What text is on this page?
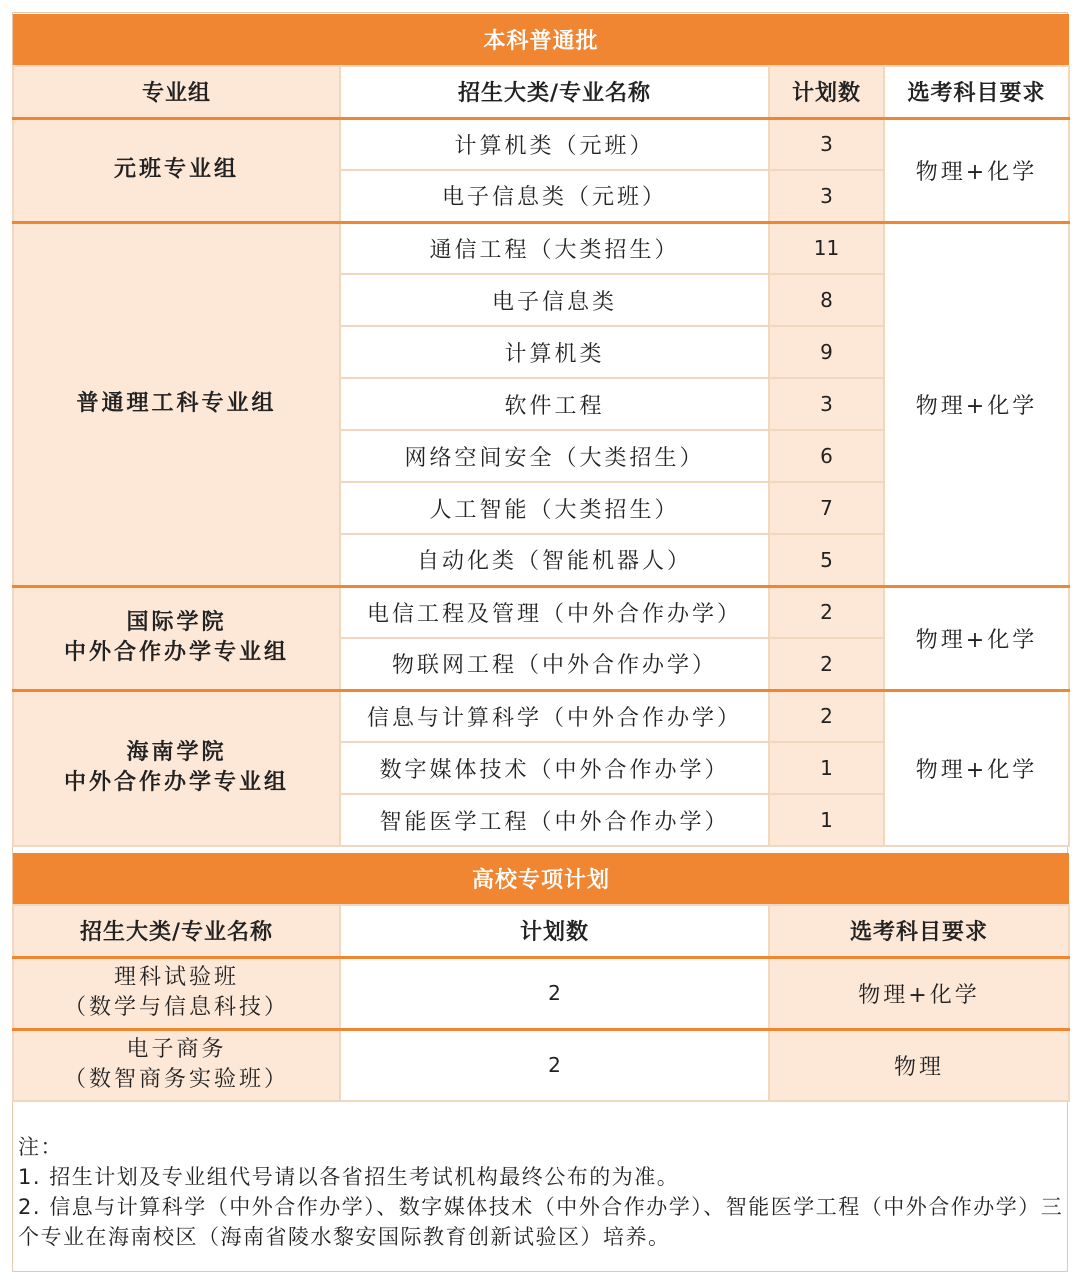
本科普通批			
专业组	招生大类/专业名称	计划数	选考科目要求
元班专业组	计算机类（元班）	3	物理+化学
	电子信息类（元班）	3	
普通理工科专业组	通信工程（大类招生）	11	物理+化学
	电子信息类	8	
	计算机类	9	
	软件工程	3	
	网络空间安全（大类招生）	6	
	人工智能（大类招生）	7	
	自动化类（智能机器人）	5	

国际学院
中外合作办学专业组	电信工程及管理（中外合作办学）	2	物理+化学
	物联网工程（中外合作办学）	2	

海南学院
中外合作办学专业组	信息与计算科学（中外合作办学）	2	物理+化学
	数字媒体技术（中外合作办学）	1	
	智能医学工程（中外合作办学）	1	
高校专项计划		
招生大类/专业名称	计划数	选考科目要求

理科试验班
（数学与信息科技）	2	物理+化学

电子商务
（数智商务实验班）	2	物理
注：
1. 招生计划及专业组代号请以各省招生考试机构最终公布的为准。
2. 信息与计算科学（中外合作办学）、数字媒体技术（中外合作办学）、智能医学工程（中外合作办学）三个专业在海南校区（海南省陵水黎安国际教育创新试验区）培养。
